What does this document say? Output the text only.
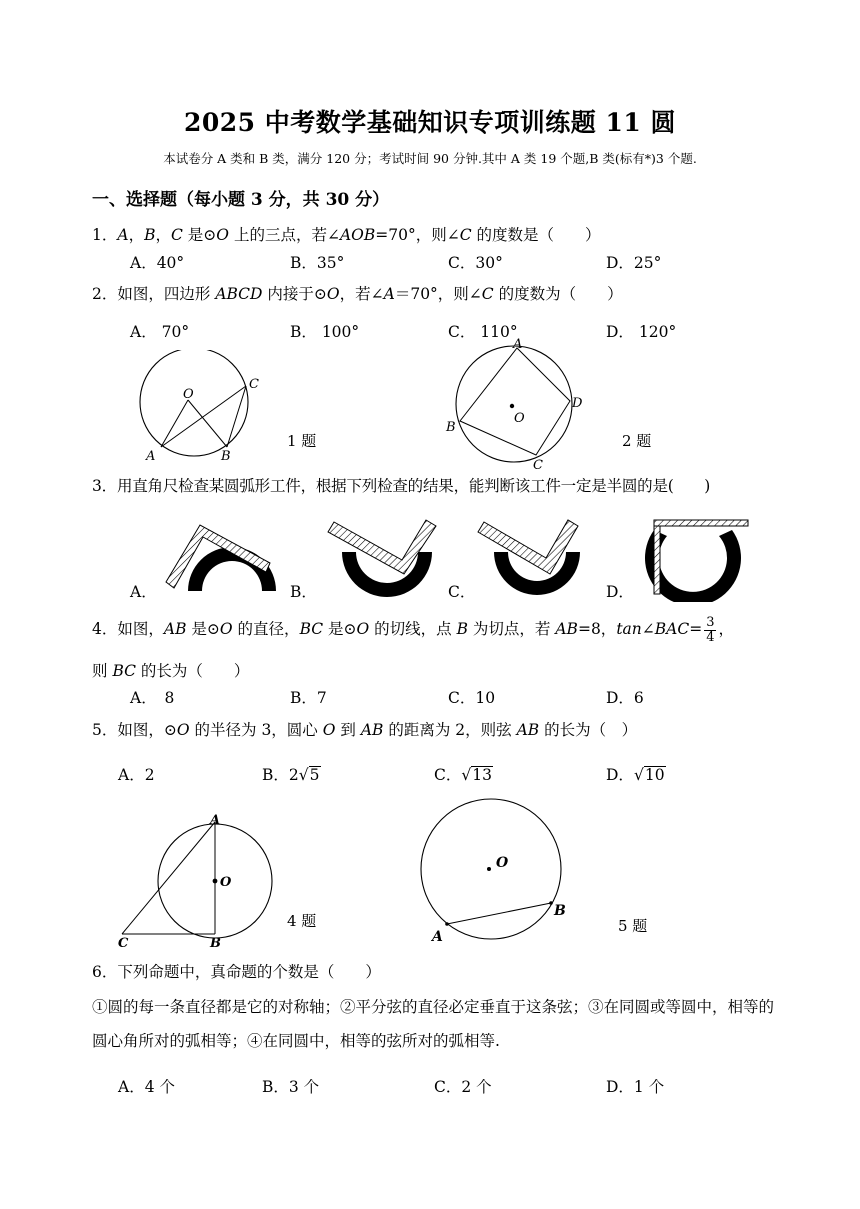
2025 中考数学基础知识专项训练题 11 圆
本试卷分 A 类和 B 类，满分 120 分；考试时间 90 分钟.其中 A 类 19 个题,B 类(标有*)3 个题.
一、选择题（每小题 3 分，共 30 分）
1．A，B，C 是⊙O 上的三点，若∠AOB=70°，则∠C 的度数是（　　）
A．40°	B．35°	C．30°	D．25°
2．如图，四边形 ABCD 内接于⊙O，若∠A＝70°，则∠C 的度数为（　　）
A． 70°	B． 100°	C． 110°	D． 120°
O
A	B
C
1 题
A
B
C
D
O
2 题
3．用直角尺检查某圆弧形工件，根据下列检查的结果，能判断该工件一定是半圆的是(　　)
A．	B．	C．	D．
4．如图，AB 是⊙O 的直径，BC 是⊙O 的切线，点 B 为切点，若 AB=8，tan∠BAC= $\frac{3}{4}$ ，
则 BC 的长为（　　）
A．　8	B．7	C．10	D．6
5．如图，⊙O 的半径为 3，圆心 O 到 AB 的距离为 2，则弦 AB 的长为（　）
A．2	B．2√5	C．√13	D．√10
A
O
C	B
4 题
O
A
B
5 题
6．下列命题中，真命题的个数是（　　）
①圆的每一条直径都是它的对称轴；②平分弦的直径必定垂直于这条弦；③在同圆或等圆中，相等的圆心角所对的弧相等；④在同圆中，相等的弦所对的弧相等.
A．4 个	B．3 个	C．2 个	D．1 个
